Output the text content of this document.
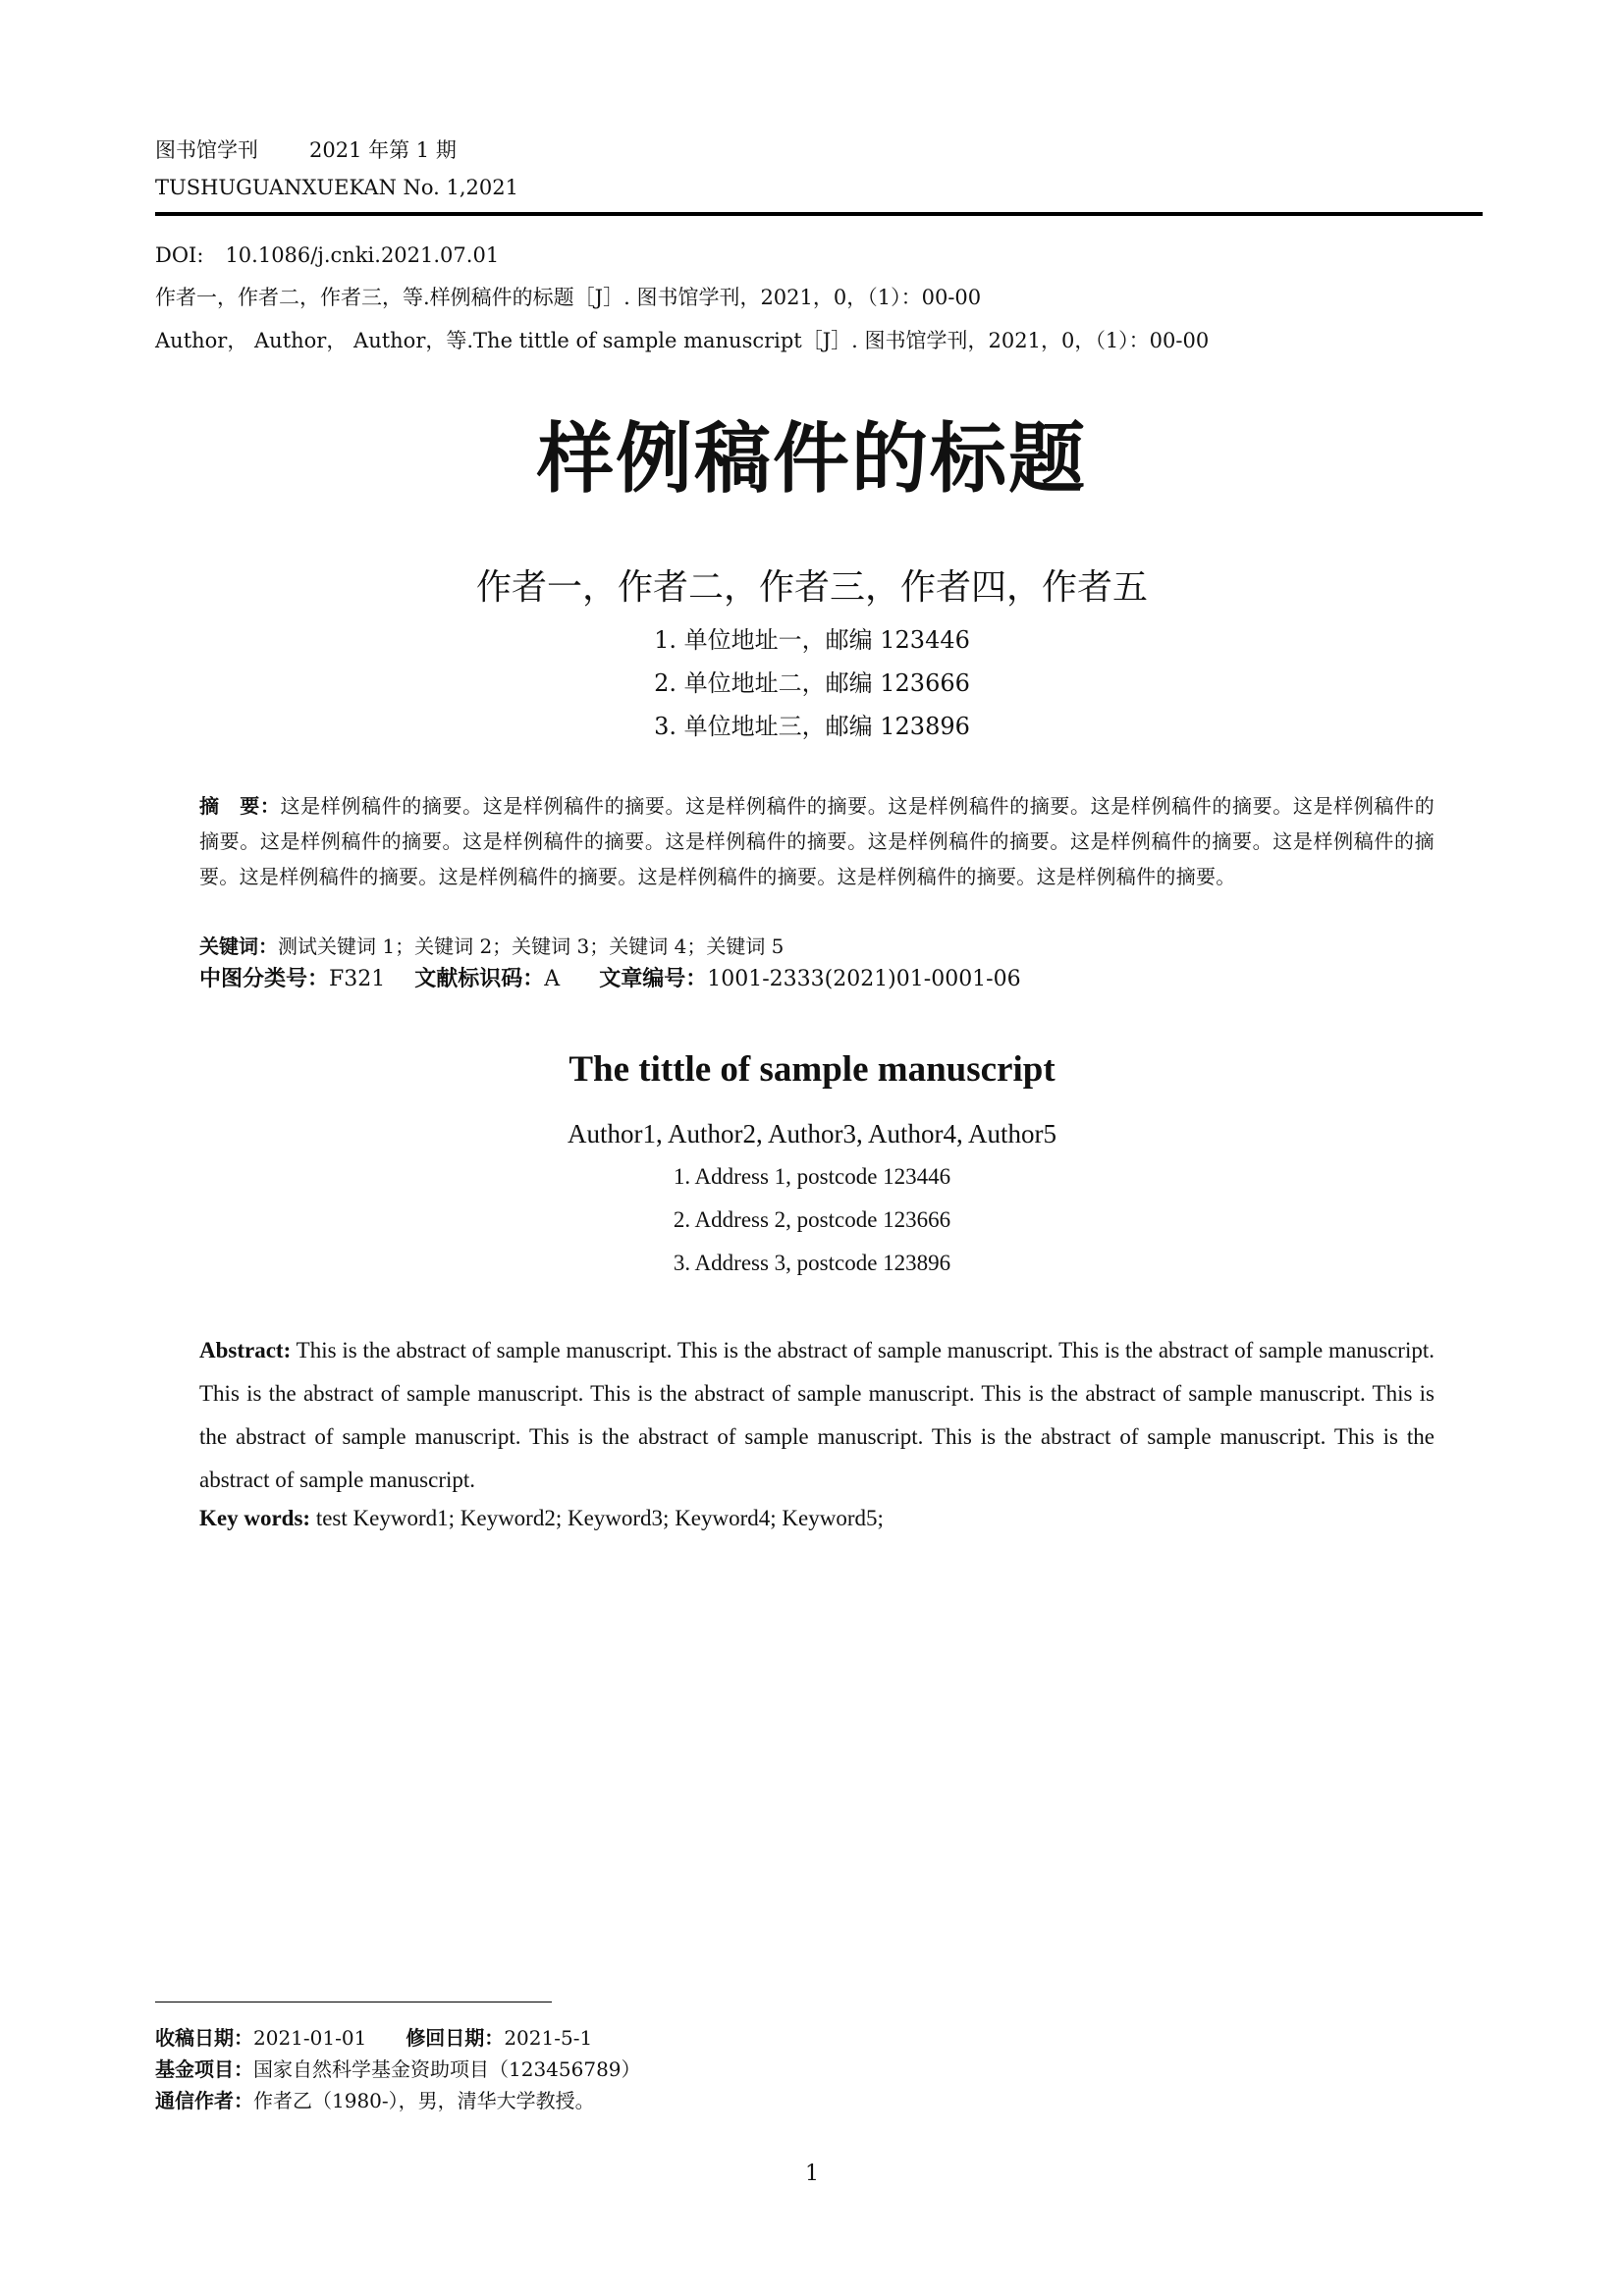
图书馆学刊 2021 年第 1 期
TUSHUGUANXUEKAN No. 1,2021
DOI: 10.1086/j.cnki.2021.07.01
作者一，作者二，作者三，等.样例稿件的标题［J］. 图书馆学刊，2021，0，（1）：00-00
Author， Author， Author，等.The tittle of sample manuscript［J］. 图书馆学刊，2021，0，（1）：00-00
样例稿件的标题
作者一，作者二，作者三，作者四，作者五
1. 单位地址一，邮编 123446
2. 单位地址二，邮编 123666
3. 单位地址三，邮编 123896
摘　要：这是样例稿件的摘要。这是样例稿件的摘要。这是样例稿件的摘要。这是样例稿件的摘要。这是样例稿件的摘要。这是样例稿件的摘要。这是样例稿件的摘要。这是样例稿件的摘要。这是样例稿件的摘要。这是样例稿件的摘要。这是样例稿件的摘要。这是样例稿件的摘要。这是样例稿件的摘要。这是样例稿件的摘要。这是样例稿件的摘要。这是样例稿件的摘要。这是样例稿件的摘要。
关键词：测试关键词 1；关键词 2；关键词 3；关键词 4；关键词 5
中图分类号：F321 文献标识码：A 文章编号：1001-2333(2021)01-0001-06
The tittle of sample manuscript
Author1, Author2, Author3, Author4, Author5
1. Address 1, postcode 123446
2. Address 2, postcode 123666
3. Address 3, postcode 123896
Abstract: This is the abstract of sample manuscript. This is the abstract of sample manuscript. This is the abstract of sample manuscript. This is the abstract of sample manuscript. This is the abstract of sample manuscript. This is the abstract of sample manuscript. This is the abstract of sample manuscript. This is the abstract of sample manuscript. This is the abstract of sample manuscript. This is the abstract of sample manuscript.
Key words: test Keyword1; Keyword2; Keyword3; Keyword4; Keyword5;
收稿日期：2021-01-01 修回日期：2021-5-1
基金项目：国家自然科学基金资助项目（123456789）
通信作者：作者乙（1980-），男，清华大学教授。
1
